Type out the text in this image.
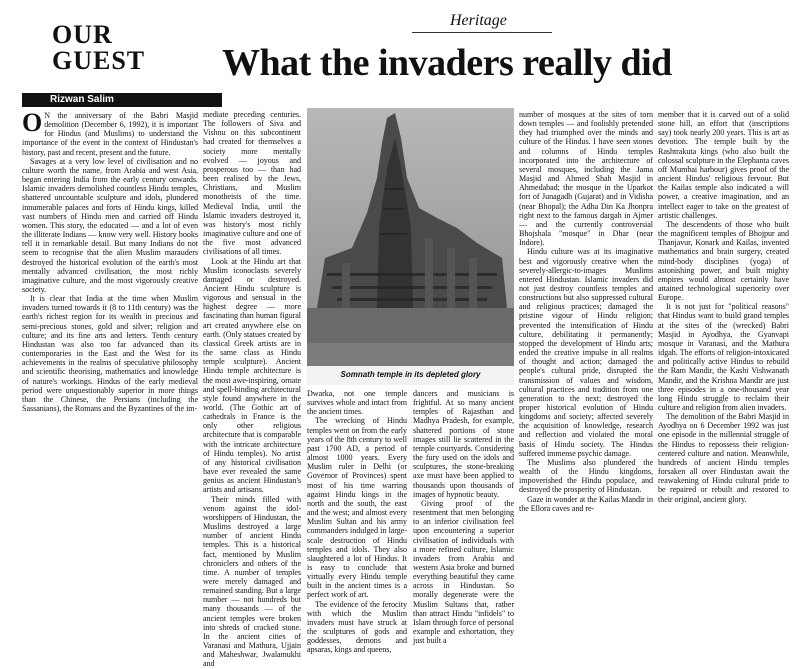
OUR
GUEST
Rizwan Salim
Heritage
What the invaders really did

O N the anniversary of the Babri Masjid demolition (December 6, 1992), it is important for Hindus (and Muslims) to understand the importance of the event in the context of Hindustan's history, past and recent, present and the future.

Savages at a very low level of civilisation and no culture worth the name, from Arabia and west Asia, began entering India from the early century onwards. Islamic invaders demolished countless Hindu temples, shattered uncountable sculpture and idols, plundered innumerable palaces and forts of Hindu kings, killed vast numbers of Hindu men and carried off Hindu women. This story, the educated — and a lot of even the illiterate Indians — know very well. History books tell it in remarkable detail. But many Indians do not seem to recognise that the alien Muslim marauders destroyed the historical evolution of the earth's most mentally advanced civilisation, the most richly imaginative culture, and the most vigorously creative society.

It is clear that India at the time when Muslim invaders turned towards it (8 to 11th century) was the earth's richest region for its wealth in precious and semi-precious stones, gold and silver; religion and culture; and its fine arts and letters. Tenth century Hindustan was also too far advanced than its contemporaries in the East and the West for its achievements in the realms of speculative philosophy and scientific theorising, mathematics and knowledge of nature's workings. Hindus of the early medieval period were unquestionably superior in more things than the Chinese, the Persians (including the Sassanians), the Romans and the Byzantines of the im-

mediate preceding centuries. The followers of Siva and Vishnu on this subcontinent had created for themselves a society more mentally evolved — joyous and prosperous too — than had been realised by the Jews, Christians, and Muslim monotheists of the time. Medieval India, until the Islamic invaders destroyed it, was history's most richly imaginative culture and one of the five most advanced civilisations of all times.

Look at the Hindu art that Muslim iconoclasts severely damaged or destroyed. Ancient Hindu sculpture is vigorous and sensual in the highest degree — more fascinating than human figural art created anywhere else on earth. (Only statues created by classical Greek artists are in the same class as Hindu temple sculpture). Ancient Hindu temple architecture is the most awe-inspiring, ornate and spell-binding architectural style found anywhere in the world. (The Gothic art of cathedrals in France is the only other religious architecture that is comparable with the intricate architecture of Hindu temples). No artist of any historical civilisation have ever revealed the same genius as ancient Hindustan's artists and artisans.

Their minds filled with venom against the idol-worshippers of Hindustan, the Muslims destroyed a large number of ancient Hindu temples. This is a historical fact, mentioned by Muslim chroniclers and others of the time. A number of temples were merely damaged and remained standing. But a large number — not hundreds but many thousands — of the ancient temples were broken into shreds of cracked stone. In the ancient cities of Varanasi and Mathura, Ujjain and Maheshwar, Jwalamukhi and

Somnath temple in its depleted glory

Dwarka, not one temple survives whole and intact from the ancient times.

The wrecking of Hindu temples went on from the early years of the 8th century to well past 1700 AD, a period of almost 1000 years. Every Muslim ruler in Delhi (or Governor of Provinces) spent most of his time warring against Hindu kings in the north and the south, the east and the west; and almost every Muslim Sultan and his army commanders indulged in large-scale destruction of Hindu temples and idols. They also slaughtered a lot of Hindus. It is easy to conclude that virtually every Hindu temple built in the ancient times is a perfect work of art.

The evidence of the ferocity with which the Muslim invaders must have struck at the sculptures of gods and goddesses, demons and apsaras, kings and queens,

dancers and musicians is frightful. At so many ancient temples of Rajasthan and Madhya Pradesh, for example, shattered portions of stone images still lie scattered in the temple courtyards. Considering the fury used on the idols and sculptures, the stone-breaking axe must have been applied to thousands upon thousands of images of hypnotic beauty.

Giving proof of the resentment that men belonging to an inferior civilisation feel upon encountering a superior civilisation of individuals with a more refined culture, Islamic invaders from Arabia and western Asia broke and burned everything beautiful they came across in Hindustan. So morally degenerate were the Muslim Sultans that, rather than attract Hindu "infidels" to Islam through force of personal example and exhortation, they just built a

number of mosques at the sites of torn down temples — and foolishly pretended they had triumphed over the minds and culture of the Hindus. I have seen stones and columns of Hindu temples incorporated into the architecture of several mosques, including the Jama Masjid and Ahmed Shah Masjid in Ahmedabad; the mosque in the Uparkot fort of Junagadh (Gujarat) and in Vidisha (near Bhopal); the Adha Din Ka Jhonpra right next to the famous dargah in Ajmer — and the currently controversial Bhojshala "mosque" in Dhar (near Indore).

Hindu culture was at its imaginative best and vigorously creative when the severely-allergic-to-images Muslims entered Hindustan. Islamic invaders did not just destroy countless temples and constructions but also suppressed cultural and religious practices; damaged the pristine vigour of Hindu religion; prevented the intensification of Hindu culture, debilitating it permanently; stopped the development of Hindu arts; ended the creative impulse in all realms of thought and action; damaged the people's cultural pride, disrupted the transmission of values and wisdom, cultural practices and tradition from one generation to the next; destroyed the proper historical evolution of Hindu kingdoms and society; affected severely the acquisition of knowledge, research and reflection and violated the moral basis of Hindu society. The Hindus suffered immense psychic damage.

The Muslims also plundered the wealth of the Hindu kingdoms, impoverished the Hindu populace, and destroyed the prosperity of Hindustan.

Gaze in wonder at the Kailas Mandir in the Ellora caves and re-

member that it is carved out of a solid stone hill, an effort that (inscriptions say) took nearly 200 years. This is art as devotion. The temple built by the Rashtrakuta kings (who also built the colossal sculpture in the Elephanta caves off Mumbai harbour) gives proof of the ancient Hindus' religious fervour. But the Kailas temple also indicated a will power, a creative imagination, and an intellect eager to take on the greatest of artistic challenges.

The descendents of those who built the magnificent temples of Bhojpur and Thanjavur, Konark and Kailas, invented mathematics and brain surgery, created mind-body disciplines (yoga) of astonishing power, and built mighty empires would almost certainly have attained technological superiority over Europe.

It is not just for "political reasons" that Hindus want to build grand temples at the sites of the (wrecked) Babri Masjid in Ayodhya, the Gyanvapi mosque in Varanasi, and the Mathura idgah. The efforts of religion-intoxicated and politically active Hindus to rebuild the Ram Mandir, the Kashi Vishwanath Mandir, and the Krishna Mandir are just three episodes in a one-thousand year long Hindu struggle to reclaim their culture and religion from alien invaders.

The demolition of the Babri Masjid in Ayodhya on 6 December 1992 was just one episode in the millennial struggle of the Hindus to repossess their religion-centered culture and nation. Meanwhile, hundreds of ancient Hindu temples forsaken all over Hindustan await the reawakening of Hindu cultural pride to be repaired or rebuilt and restored to their original, ancient glory.
